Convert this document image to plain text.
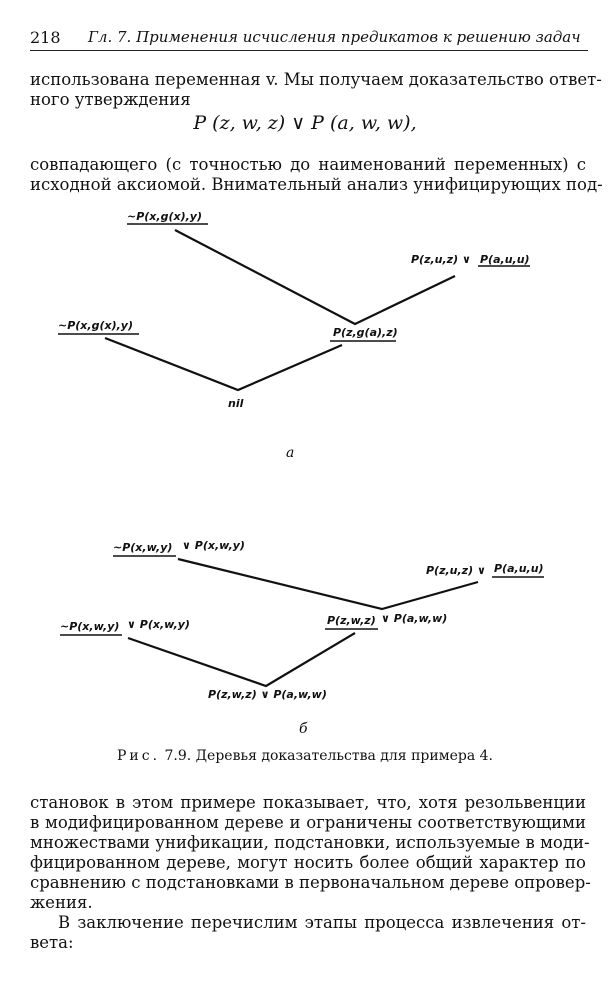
218 Гл. 7. Применения исчисления предикатов к решению задач
использована переменная v. Мы получаем доказательство ответ-
ного утверждения
P (z, w, z) ∨ P (a, w, w),
совпадающего (с точностью до наименований переменных) с
исходной аксиомой. Внимательный анализ унифицирующих под-
~P(x,g(x),y)
P(z,u,z) ∨ P(a,u,u)
~P(x,g(x),y)
P(z,g(a),z)
nil
а
~P(x,w,y) ∨ P(x,w,y)
P(z,u,z) ∨ P(a,u,u)
~P(x,w,y) ∨ P(x,w,y)	P(z,w,z) ∨ P(a,w,w)
P(z,w,z) ∨ P(a,w,w)
б
Рис. 7.9. Деревья доказательства для примера 4.
становок в этом примере показывает, что, хотя резольвенции
в модифицированном дереве и ограничены соответствующими
множествами унификации, подстановки, используемые в моди-
фицированном дереве, могут носить более общий характер по
сравнению с подстановками в первоначальном дереве опровер-
жения.
В заключение перечислим этапы процесса извлечения от-
вета:
